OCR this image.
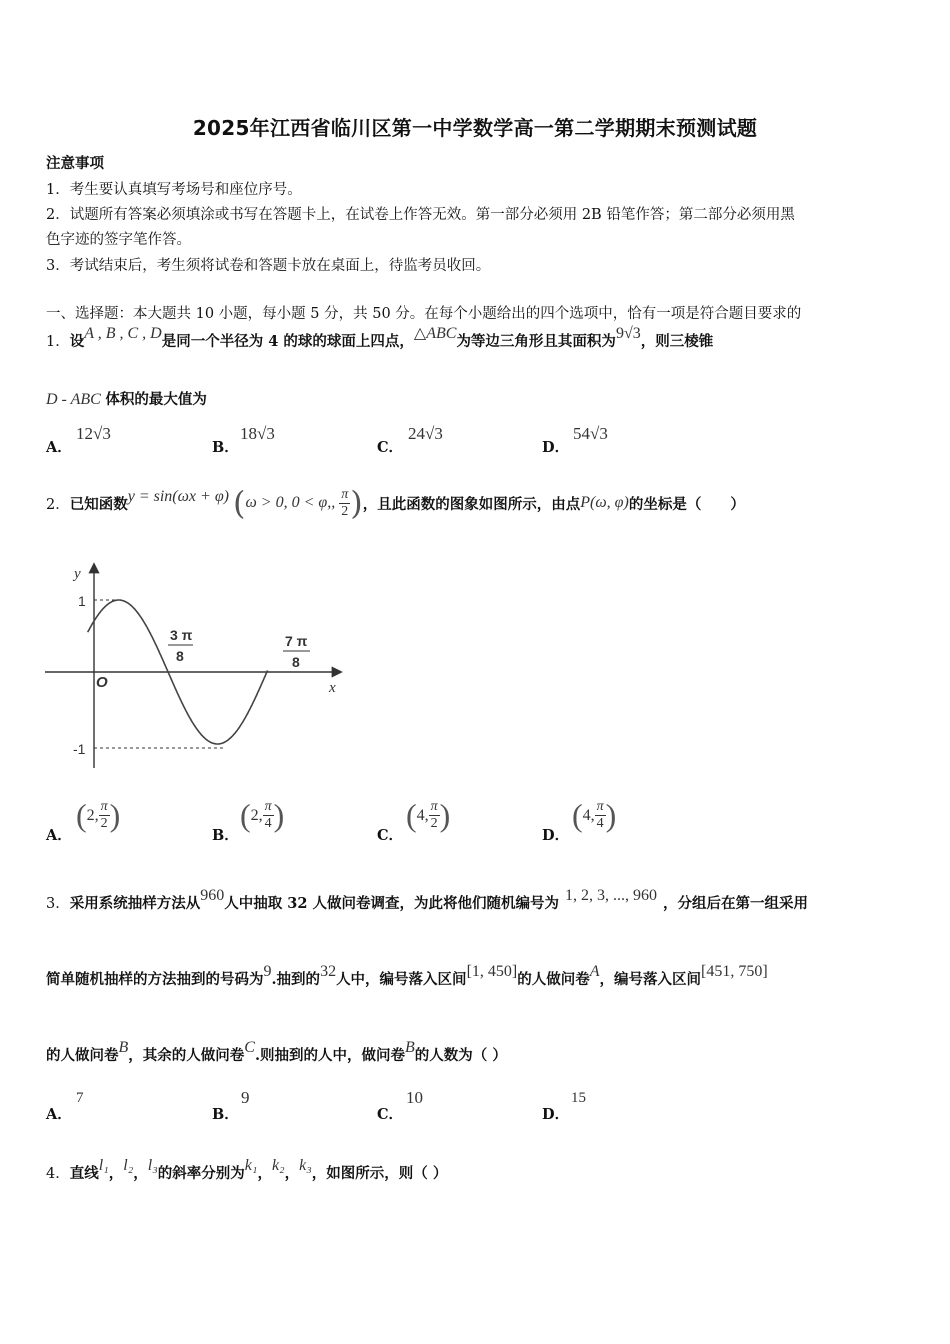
2025年江西省临川区第一中学数学高一第二学期期末预测试题
注意事项
1．考生要认真填写考场号和座位序号。
2．试题所有答案必须填涂或书写在答题卡上，在试卷上作答无效。第一部分必须用 2B 铅笔作答；第二部分必须用黑
色字迹的签字笔作答。
3．考试结束后，考生须将试卷和答题卡放在桌面上，待监考员收回。
一、选择题：本大题共 10 小题，每小题 5 分，共 50 分。在每个小题给出的四个选项中，恰有一项是符合题目要求的
1．设A , B , C , D是同一个半径为 4 的球的球面上四点，△ABC为等边三角形且其面积为9√3，则三棱锥
D - ABC 体积的最大值为
A．
12√3
B．
18√3
C．
24√3
D．
54√3
2． 已知函数 y = sin(ωx + φ) ( ω > 0, 0 < φ,, $\frac{\pi}{2}$ ) ，且此函数的图象如图所示，由点 P(ω, φ) 的坐标是（　　）
y
x
O
1
-1
3 π
8
7 π
8
A．
( 2, $\frac{\pi}{2}$ )
B．
( 2, $\frac{\pi}{4}$ )
C．
( 4, $\frac{\pi}{2}$ )
D．
( 4, $\frac{\pi}{4}$ )
3．采用系统抽样方法从960人中抽取 32 人做问卷调查，为此将他们随机编号为 1, 2, 3, ..., 960 ，分组后在第一组采用
简单随机抽样的方法抽到的号码为9.抽到的32人中，编号落入区间[1, 450]的人做问卷A，编号落入区间[451, 750]
的人做问卷B，其余的人做问卷C.则抽到的人中，做问卷B的人数为（ ）
A．
7
B．
9
C．
10
D．
15
4．直线l₁，l₂，l₃的斜率分别为k₁，k₂，k₃，如图所示，则（ ）
